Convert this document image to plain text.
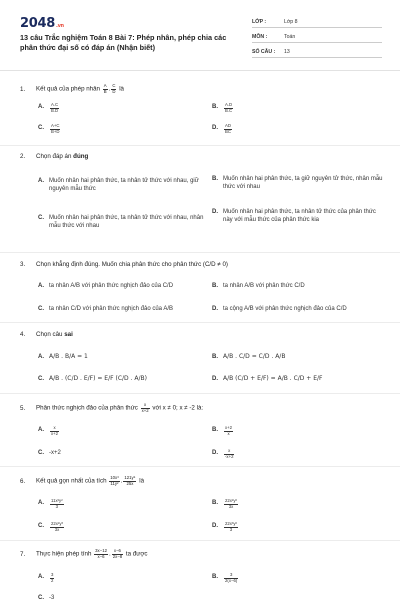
2048.vn
13 câu Trắc nghiệm Toán 8 Bài 7: Phép nhân, phép chia các phân thức đại số có đáp án (Nhận biết)
LỚP :	Lớp 8
MÔN :	Toán
SỐ CÂU :	13
1. Kết quả của phép nhân $\frac{A}{B}$ . $\frac{C}{D}$ là
A.	A.C
B.D
B.	A.D
B.C
C.	A+C
B+D
D.	AD
BC
2. Chọn đáp án đúng
A. Muốn nhân hai phân thức, ta nhân tử thức với nhau, giữ nguyên mẫu thức
B. Muốn nhân hai phân thức, ta giữ nguyên tử thức, nhân mẫu thức với nhau
C. Muốn nhân hai phân thức, ta nhân tử thức với nhau, nhân mẫu thức với nhau
D. Muốn nhân hai phân thức, ta nhân tử thức của phân thức này với mẫu thức của phân thức kia
3. Chọn khẳng định đúng. Muốn chia phân thức cho phân thức (C/D ≠ 0)
A. ta nhân A/B với phân thức nghịch đảo của C/D	B. ta nhân A/B với phân thức C/D
C. ta nhân C/D với phân thức nghịch đảo của A/B	D. ta cộng A/B với phân thức nghịch đảo của C/D
4. Chọn câu sai
A. A/B . B/A = 1	B. A/B . C/D = C/D . A/B
C. A/B . (C/D . E/F) = E/F (C/D . A/B)	D. A/B (C/D + E/F) = A/B . C/D + E/F
5. Phân thức nghịch đảo của phân thức $\frac{x}{x+2}$ với x ≠ 0; x ≠ -2 là:
A.	x
x+2
B.	x+2
x
C. -x+2	D.	x
-x+2
6. Kết quả gọn nhất của tích $\frac{\text{10x³}}{\text{11y²}}$ . $\frac{\text{121y⁵}}{25x}$ là
A.	11x²y²
3
B.	22x²y²
3x
C.	22x²y³
3x
D.	22x³y²
3
7. Thực hiện phép tính $\frac{3x-12}{x-6}$ . $\frac{x-6}{2x-8}$ ta được
A.	3
2
B.	3
2(x−6)
C. -3
